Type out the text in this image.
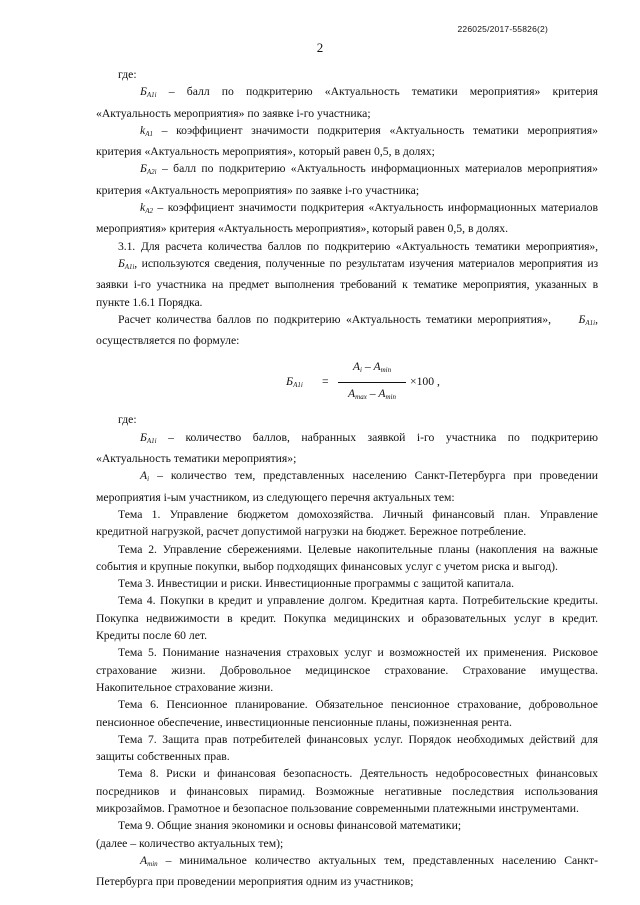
226025/2017-55826(2)
2

где:

$Б_{A1i}$ – балл по подкритерию «Актуальность тематики мероприятия» критерия «Актуальность мероприятия» по заявке i-го участника;

$k_{A1}$ – коэффициент значимости подкритерия «Актуальность тематики мероприятия» критерия «Актуальность мероприятия», который равен 0,5, в долях;

$Б_{A2i}$ – балл по подкритерию «Актуальность информационных материалов мероприятия» критерия «Актуальность мероприятия» по заявке i-го участника;

$k_{A2}$ – коэффициент значимости подкритерия «Актуальность информационных материалов мероприятия» критерия «Актуальность мероприятия», который равен 0,5, в долях.

3.1. Для расчета количества баллов по подкритерию «Актуальность тематики мероприятия», $Б_{A1i}$, используются сведения, полученные по результатам изучения материалов мероприятия из заявки i-го участника на предмет выполнения требований к тематике мероприятия, указанных в пункте 1.6.1 Порядка.

Расчет количества баллов по подкритерию «Актуальность тематики мероприятия», $Б_{A1i}$, осуществляется по формуле:

$Б_{A1i}$ =
$A_i - A_{min}$
$A_{max} - A_{min}$
×100 ,

где:

$Б_{A1i}$ – количество баллов, набранных заявкой i-го участника по подкритерию «Актуальность тематики мероприятия»;

$A_i$ – количество тем, представленных населению Санкт-Петербурга при проведении мероприятия i-ым участником, из следующего перечня актуальных тем:

Тема 1. Управление бюджетом домохозяйства. Личный финансовый план. Управление кредитной нагрузкой, расчет допустимой нагрузки на бюджет. Бережное потребление.

Тема 2. Управление сбережениями. Целевые накопительные планы (накопления на важные события и крупные покупки, выбор подходящих финансовых услуг с учетом риска и выгод).

Тема 3. Инвестиции и риски. Инвестиционные программы с защитой капитала.

Тема 4. Покупки в кредит и управление долгом. Кредитная карта. Потребительские кредиты. Покупка недвижимости в кредит. Покупка медицинских и образовательных услуг в кредит. Кредиты после 60 лет.

Тема 5. Понимание назначения страховых услуг и возможностей их применения. Рисковое страхование жизни. Добровольное медицинское страхование. Страхование имущества. Накопительное страхование жизни.

Тема 6. Пенсионное планирование. Обязательное пенсионное страхование, добровольное пенсионное обеспечение, инвестиционные пенсионные планы, пожизненная рента.

Тема 7. Защита прав потребителей финансовых услуг. Порядок необходимых действий для защиты собственных прав.

Тема 8. Риски и финансовая безопасность. Деятельность недобросовестных финансовых посредников и финансовых пирамид. Возможные негативные последствия использования микрозаймов. Грамотное и безопасное пользование современными платежными инструментами.

Тема 9. Общие знания экономики и основы финансовой математики;

(далее – количество актуальных тем);

$A_{min}$ – минимальное количество актуальных тем, представленных населению Санкт-Петербурга при проведении мероприятия одним из участников;
